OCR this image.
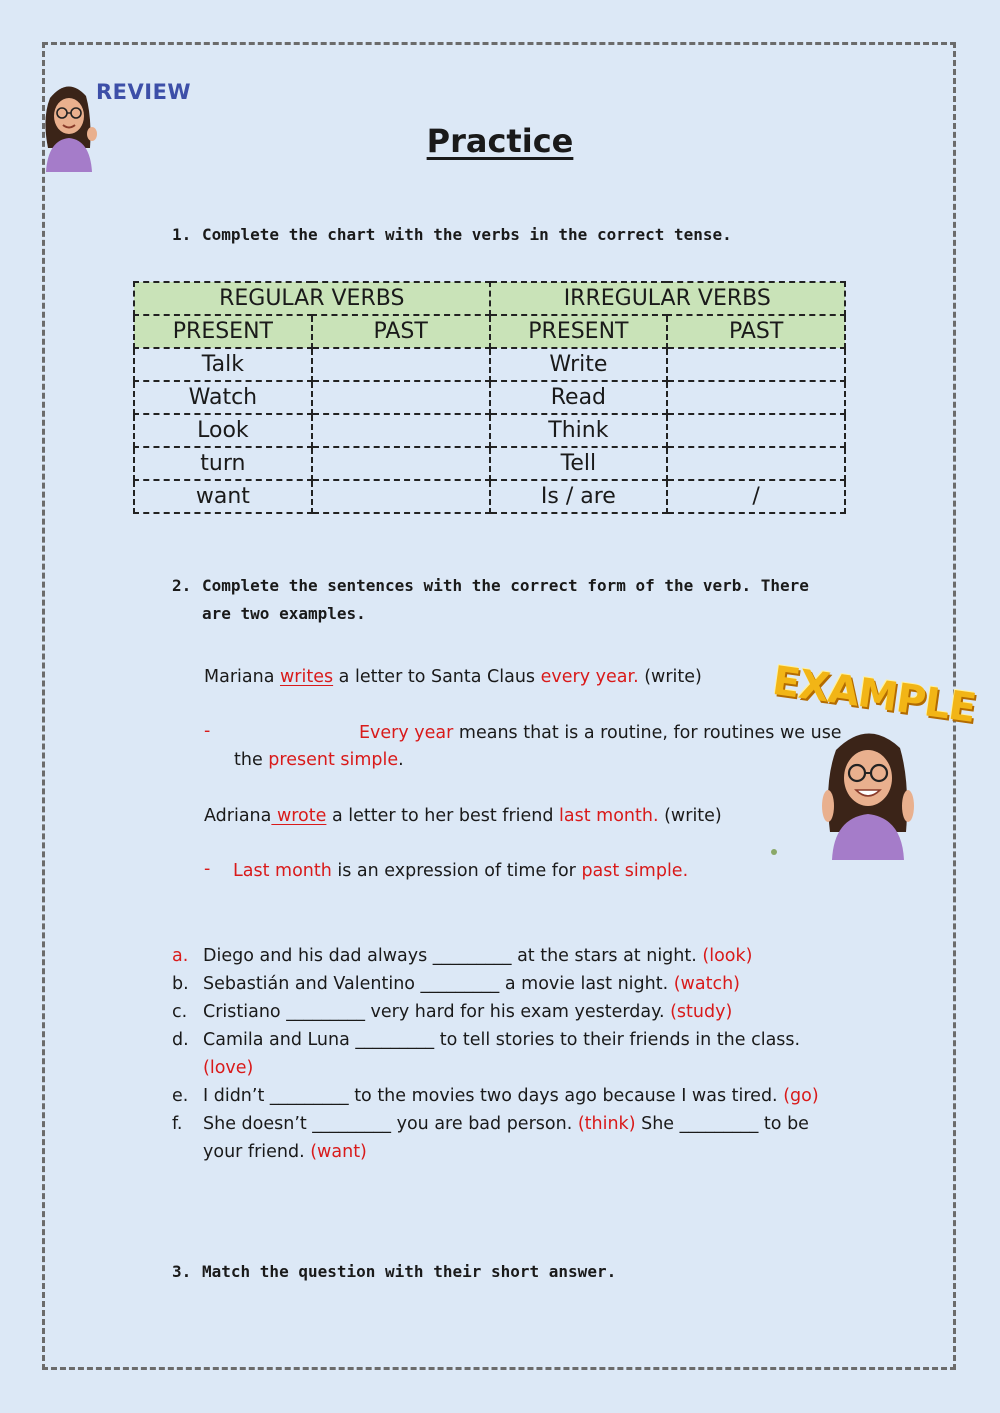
REVIEW
Practice
1. Complete the chart with the verbs in the correct tense.
REGULAR VERBS		IRREGULAR VERBS	
PRESENT	PAST	PRESENT	PAST
Talk		Write	
Watch		Read	
Look		Think	
turn		Tell	
want		Is / are	/
2. Complete the sentences with the correct form of the verb. There are two examples.
Mariana writes a letter to Santa Claus every year. (write)
-	Every year means that is a routine, for routines we use
the present simple.
Adriana wrote a letter to her best friend last month. (write)
- Last month is an expression of time for past simple.
EXAMPLE
a. Diego and his dad always _________ at the stars at night. (look)
b. Sebastián and Valentino _________ a movie last night. (watch)
c. Cristiano _________ very hard for his exam yesterday. (study)
d. Camila and Luna _________ to tell stories to their friends in the class. (love)
e. I didn’t _________ to the movies two days ago because I was tired. (go)
f. She doesn’t _________ you are bad person. (think) She _________ to be your friend. (want)
3. Match the question with their short answer.
